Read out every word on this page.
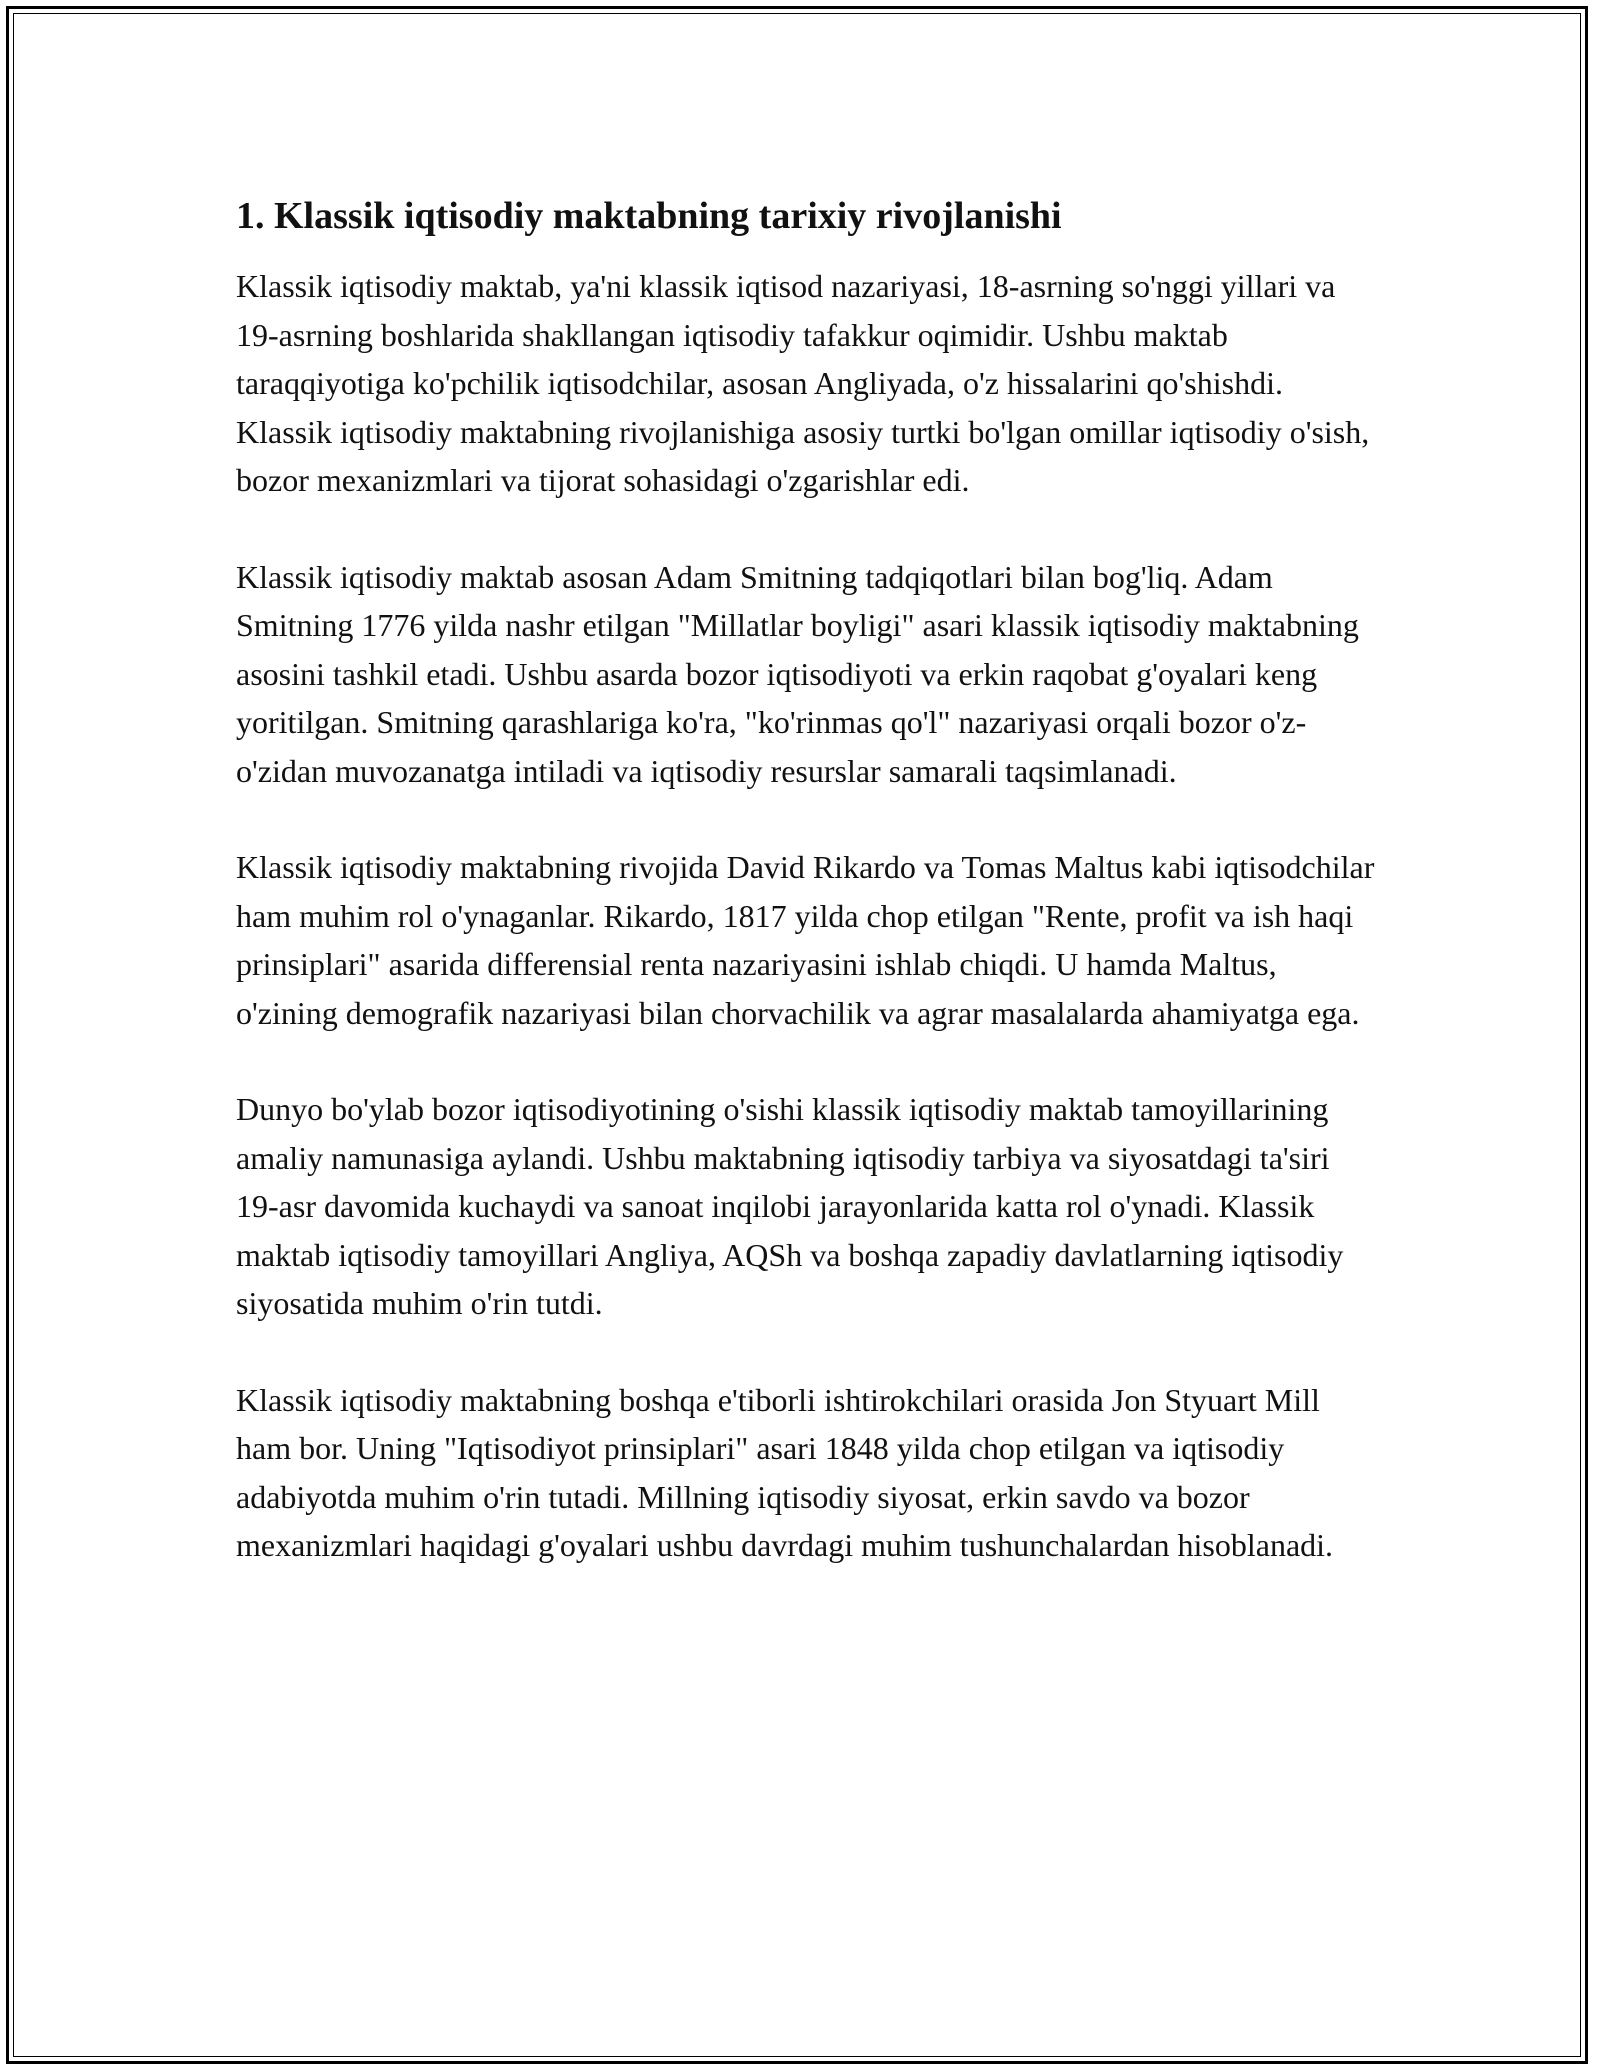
1. Klassik iqtisodiy maktabning tarixiy rivojlanishi

Klassik iqtisodiy maktab, ya'ni klassik iqtisod nazariyasi, 18-asrning so'nggi yillari va 19-asrning boshlarida shakllangan iqtisodiy tafakkur oqimidir. Ushbu maktab taraqqiyotiga ko'pchilik iqtisodchilar, asosan Angliyada, o'z hissalarini qo'shishdi. Klassik iqtisodiy maktabning rivojlanishiga asosiy turtki bo'lgan omillar iqtisodiy o'sish, bozor mexanizmlari va tijorat sohasidagi o'zgarishlar edi.

Klassik iqtisodiy maktab asosan Adam Smitning tadqiqotlari bilan bog'liq. Adam Smitning 1776 yilda nashr etilgan "Millatlar boyligi" asari klassik iqtisodiy maktabning asosini tashkil etadi. Ushbu asarda bozor iqtisodiyoti va erkin raqobat g'oyalari keng yoritilgan. Smitning qarashlariga ko'ra, "ko'rinmas qo'l" nazariyasi orqali bozor o'z-o'zidan muvozanatga intiladi va iqtisodiy resurslar samarali taqsimlanadi.

Klassik iqtisodiy maktabning rivojida David Rikardo va Tomas Maltus kabi iqtisodchilar ham muhim rol o'ynaganlar. Rikardo, 1817 yilda chop etilgan "Rente, profit va ish haqi prinsiplari" asarida differensial renta nazariyasini ishlab chiqdi. U hamda Maltus, o'zining demografik nazariyasi bilan chorvachilik va agrar masalalarda ahamiyatga ega.

Dunyo bo'ylab bozor iqtisodiyotining o'sishi klassik iqtisodiy maktab tamoyillarining amaliy namunasiga aylandi. Ushbu maktabning iqtisodiy tarbiya va siyosatdagi ta'siri 19-asr davomida kuchaydi va sanoat inqilobi jarayonlarida katta rol o'ynadi. Klassik maktab iqtisodiy tamoyillari Angliya, AQSh va boshqa zapadiy davlatlarning iqtisodiy siyosatida muhim o'rin tutdi.

Klassik iqtisodiy maktabning boshqa e'tiborli ishtirokchilari orasida Jon Styuart Mill ham bor. Uning "Iqtisodiyot prinsiplari" asari 1848 yilda chop etilgan va iqtisodiy adabiyotda muhim o'rin tutadi. Millning iqtisodiy siyosat, erkin savdo va bozor mexanizmlari haqidagi g'oyalari ushbu davrdagi muhim tushunchalardan hisoblanadi.
